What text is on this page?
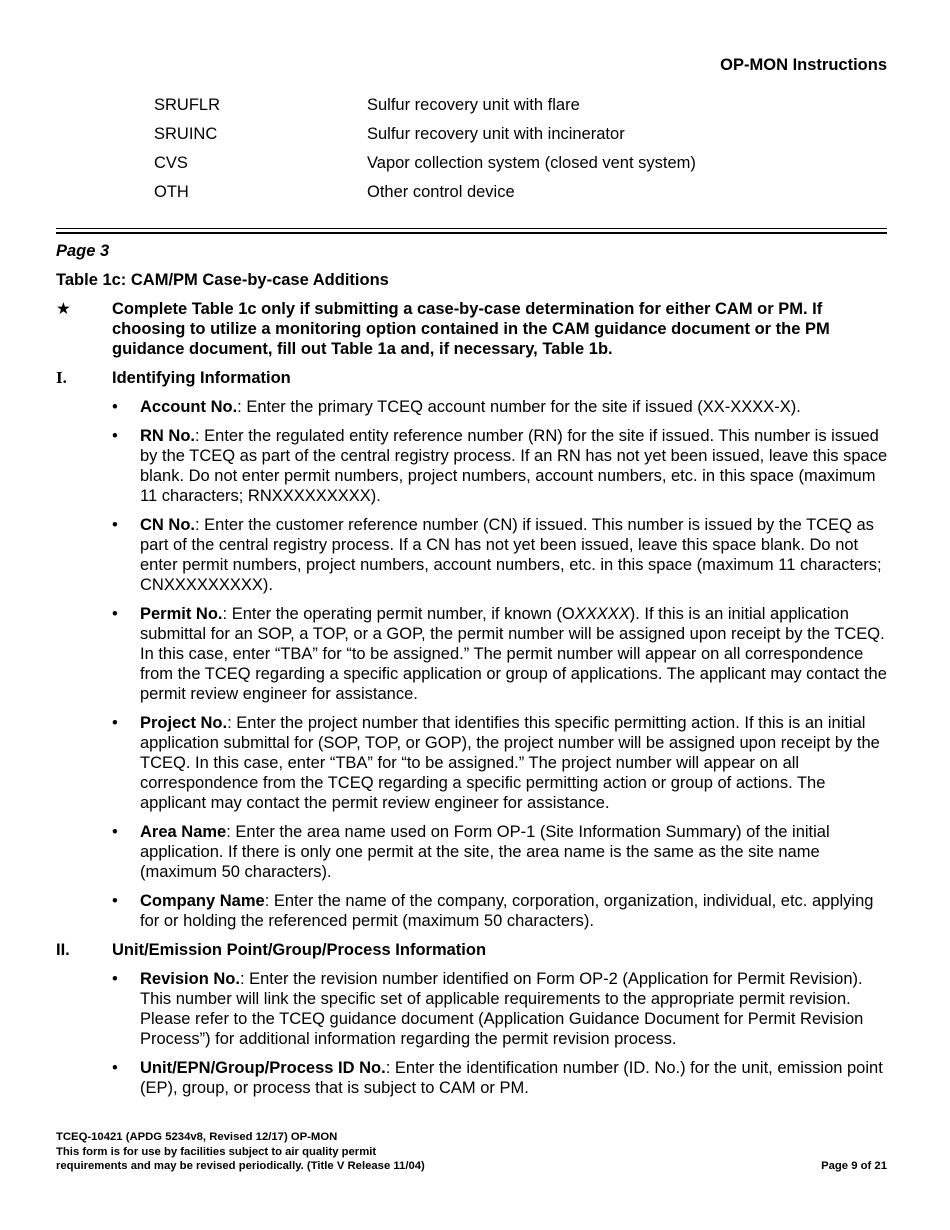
OP-MON Instructions
SRUFLR	Sulfur recovery unit with flare
SRUINC	Sulfur recovery unit with incinerator
CVS	Vapor collection system (closed vent system)
OTH	Other control device
Page 3
Table 1c: CAM/PM Case-by-case Additions
★	Complete Table 1c only if submitting a case-by-case determination for either CAM or PM. If choosing to utilize a monitoring option contained in the CAM guidance document or the PM guidance document, fill out Table 1a and, if necessary, Table 1b.
I.	Identifying Information
•	Account No.: Enter the primary TCEQ account number for the site if issued (XX-XXXX-X).
•	RN No.: Enter the regulated entity reference number (RN) for the site if issued. This number is issued by the TCEQ as part of the central registry process. If an RN has not yet been issued, leave this space blank. Do not enter permit numbers, project numbers, account numbers, etc. in this space (maximum 11 characters; RNXXXXXXXXX).
•	CN No.: Enter the customer reference number (CN) if issued. This number is issued by the TCEQ as part of the central registry process. If a CN has not yet been issued, leave this space blank. Do not enter permit numbers, project numbers, account numbers, etc. in this space (maximum 11 characters; CNXXXXXXXXX).
•	Permit No.: Enter the operating permit number, if known (OXXXXX). If this is an initial application submittal for an SOP, a TOP, or a GOP, the permit number will be assigned upon receipt by the TCEQ. In this case, enter “TBA” for “to be assigned.” The permit number will appear on all correspondence from the TCEQ regarding a specific application or group of applications. The applicant may contact the permit review engineer for assistance.
•	Project No.: Enter the project number that identifies this specific permitting action. If this is an initial application submittal for (SOP, TOP, or GOP), the project number will be assigned upon receipt by the TCEQ. In this case, enter “TBA” for “to be assigned.” The project number will appear on all correspondence from the TCEQ regarding a specific permitting action or group of actions. The applicant may contact the permit review engineer for assistance.
•	Area Name: Enter the area name used on Form OP-1 (Site Information Summary) of the initial application. If there is only one permit at the site, the area name is the same as the site name (maximum 50 characters).
•	Company Name: Enter the name of the company, corporation, organization, individual, etc. applying for or holding the referenced permit (maximum 50 characters).
II.	Unit/Emission Point/Group/Process Information
•	Revision No.: Enter the revision number identified on Form OP-2 (Application for Permit Revision). This number will link the specific set of applicable requirements to the appropriate permit revision. Please refer to the TCEQ guidance document (Application Guidance Document for Permit Revision Process”) for additional information regarding the permit revision process.
•	Unit/EPN/Group/Process ID No.: Enter the identification number (ID. No.) for the unit, emission point (EP), group, or process that is subject to CAM or PM.
TCEQ-10421 (APDG 5234v8, Revised 12/17) OP-MON
This form is for use by facilities subject to air quality permit
requirements and may be revised periodically. (Title V Release 11/04)	Page 9 of 21
